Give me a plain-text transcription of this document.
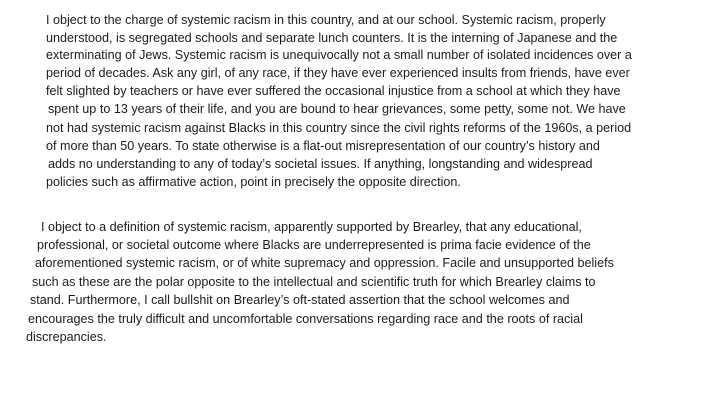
I object to the charge of systemic racism in this country, and at our school. Systemic racism, properly
understood, is segregated schools and separate lunch counters. It is the interning of Japanese and the
exterminating of Jews. Systemic racism is unequivocally not a small number of isolated incidences over a
period of decades. Ask any girl, of any race, if they have ever experienced insults from friends, have ever
felt slighted by teachers or have ever suffered the occasional injustice from a school at which they have
spent up to 13 years of their life, and you are bound to hear grievances, some petty, some not. We have
not had systemic racism against Blacks in this country since the civil rights reforms of the 1960s, a period
of more than 50 years. To state otherwise is a flat-out misrepresentation of our country’s history and
adds no understanding to any of today’s societal issues. If anything, longstanding and widespread
policies such as affirmative action, point in precisely the opposite direction.
I object to a definition of systemic racism, apparently supported by Brearley, that any educational,
professional, or societal outcome where Blacks are underrepresented is prima facie evidence of the
aforementioned systemic racism, or of white supremacy and oppression. Facile and unsupported beliefs
such as these are the polar opposite to the intellectual and scientific truth for which Brearley claims to
stand. Furthermore, I call bullshit on Brearley’s oft-stated assertion that the school welcomes and
encourages the truly difficult and uncomfortable conversations regarding race and the roots of racial
discrepancies.
